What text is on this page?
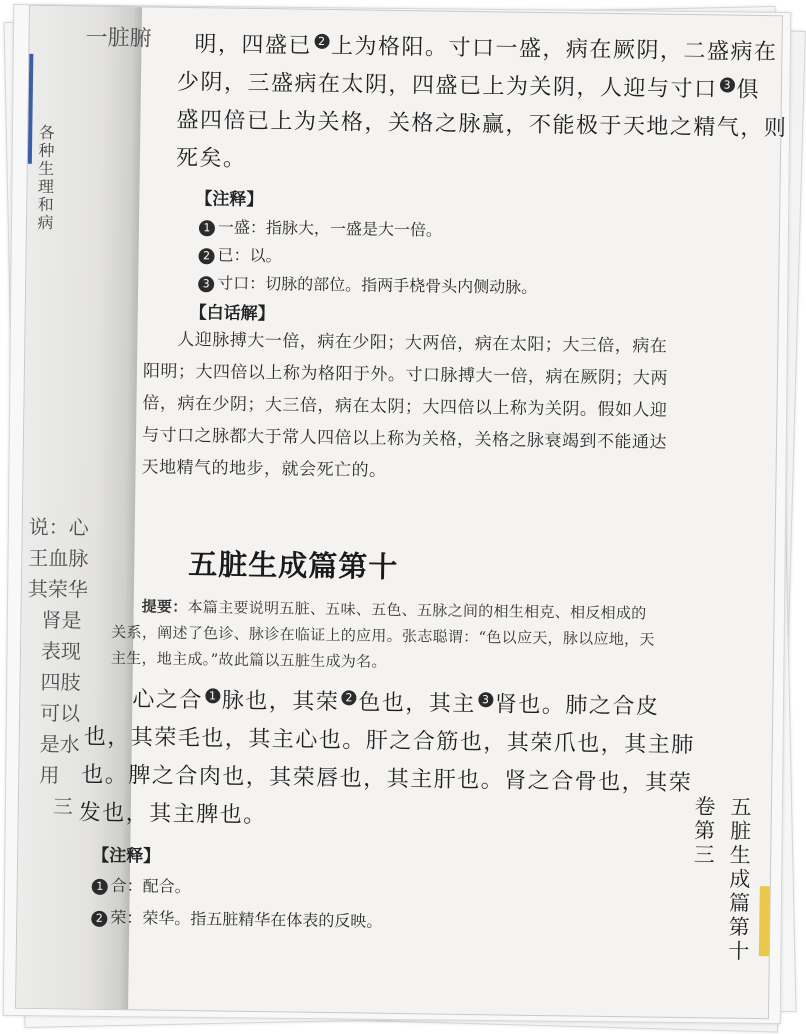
一脏腑
各种生理和病
说：心
王血脉
其荣华
肾是
表现
四肢
可以
是水
用
三
明，四盛已 2 上为格阳。寸口一盛，病在厥阴，二盛病在
少阴，三盛病在太阴，四盛已上为关阴，人迎与寸口 3 俱
盛四倍已上为关格，关格之脉赢，不能极于天地之精气，则
死矣。
【注释】
1 一盛：指脉大，一盛是大一倍。
2 已：以。
3 寸口：切脉的部位。指两手桡骨头内侧动脉。
【白话解】
人迎脉搏大一倍，病在少阳；大两倍，病在太阳；大三倍，病在
阳明；大四倍以上称为格阳于外。寸口脉搏大一倍，病在厥阴；大两
倍，病在少阴；大三倍，病在太阴；大四倍以上称为关阴。假如人迎
与寸口之脉都大于常人四倍以上称为关格，关格之脉衰竭到不能通达
天地精气的地步，就会死亡的。
五脏生成篇第十
提要：本篇主要说明五脏、五味、五色、五脉之间的相生相克、相反相成的
关系，阐述了色诊、脉诊在临证上的应用。张志聪谓：“色以应天，脉以应地，天
主生，地主成。”故此篇以五脏生成为名。
心之合 1 脉也，其荣 2 色也，其主 3 肾也。肺之合皮
也，其荣毛也，其主心也。肝之合筋也，其荣爪也，其主肺
也。脾之合肉也，其荣唇也，其主肝也。肾之合骨也，其荣
发也，其主脾也。
【注释】
1 合：配合。
2 荣：荣华。指五脏精华在体表的反映。
卷第三 五脏生成篇第十
